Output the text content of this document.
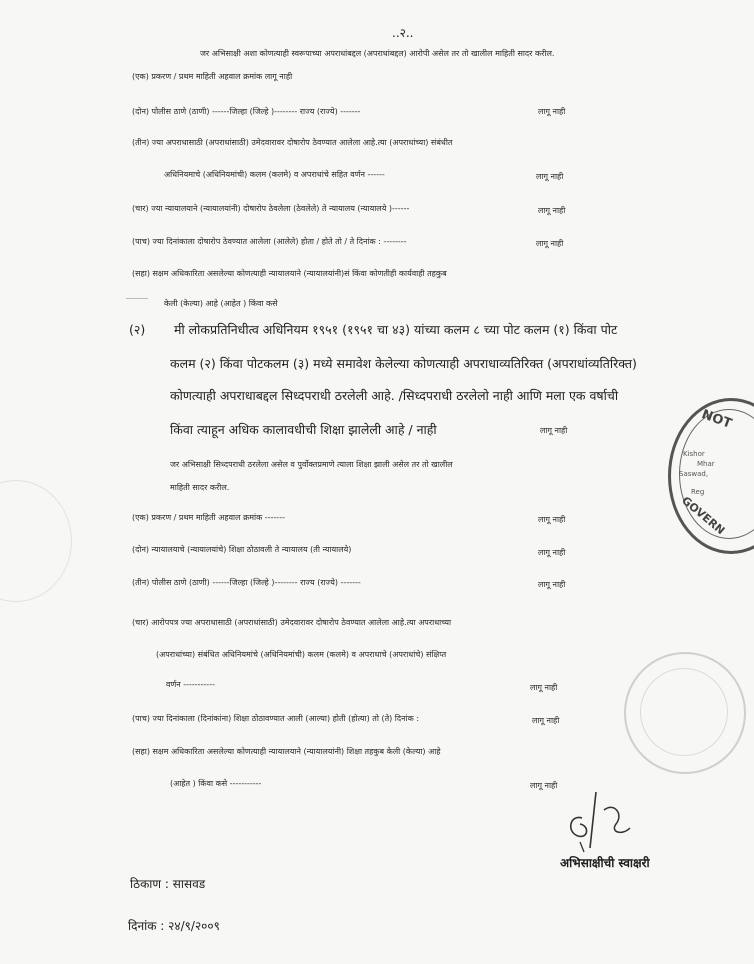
..२..
जर अभिसाक्षी अशा कोणत्याही स्वरूपाच्या अपराधांबद्दल (अपराधांबद्दल) आरोपी असेल तर तो खालील माहिती सादर करील.
(एक) प्रकरण / प्रथम माहिती अहवाल क्रमांक लागू नाही
(दोन) पोलीस ठाणे (ठाणी) ------जिल्हा (जिल्हे )-------- राज्य (राज्ये) -------	लागू नाही
(तीन) ज्या अपराधासाठी (अपराधांसाठी) उमेदवारावर दोषारोप ठेवण्यात आलेला आहे.त्या (अपराधांच्या) संबंधीत
अधिनियमाचे (अधिनियमांची) कलम (कलमे) व अपराधांचे सहित वर्णन ------	लागू नाही
(चार) ज्या न्यायालयाने (न्यायालयांनी) दोषारोप ठेवलेला (ठेवलेले) ते न्यायालय (न्यायालये )------	लागू नाही
(पाच) ज्या दिनांकाला दोषारोप ठेवण्यात आलेला (आलेले) होता / होते तो / ते दिनांक : --------	लागू नाही
(सहा) सक्षम अधिकारिता असलेल्या कोणत्याही न्यायालयाने (न्यायालयांनी)सं किंवा कोणतीही कार्यवाही तहकुब
केली (केल्या) आहे (आहेत ) किंवा कसे
(२) मी लोकप्रतिनिधीत्व अधिनियम १९५१ (१९५१ चा ४३) यांच्या कलम ८ च्या पोट कलम (१) किंवा पोट
कलम (२) किंवा पोटकलम (३) मध्ये समावेश केलेल्या कोणत्याही अपराधाव्यतिरिक्त (अपराधांव्यतिरिक्त)
कोणत्याही अपराधाबद्दल सिध्दपराधी ठरलेली आहे. /सिध्दपराधी ठरलेलो नाही आणि मला एक वर्षाची
किंवा त्याहून अधिक कालावधीची शिक्षा झालेली आहे / नाही	लागू नाही
जर अभिसाक्षी सिध्दपराधी ठरलेला असेल व पुर्वोक्तप्रमाणे त्याला शिक्षा झाली असेल तर तो खालील
माहिती सादर करील.
(एक) प्रकरण / प्रथम माहिती अहवाल क्रमांक -------	लागू नाही
(दोन) न्यायालयाचे (न्यायालयांचे) शिक्षा ठोठावली ते न्यायालय (ती न्यायालये)	लागू नाही
(तीन) पोलीस ठाणे (ठाणी) ------जिल्हा (जिल्हे )-------- राज्य (राज्ये) -------	लागू नाही
(चार) आरोपपत्र ज्या अपराधासाठी (अपराधांसाठी) उमेदवारावर दोषारोप ठेवण्यात आलेला आहे.त्या अपराधाच्या
(अपराधांच्या) संबंधित अधिनियमांचे (अधिनियमांची) कलम (कलमे) व अपराधाचे (अपराधांचे) संक्षिप्त
वर्णन -----------	लागू नाही
(पाच) ज्या दिनांकाला (दिनांकांना) शिक्षा ठोठावण्यात आली (आल्या) होती (होत्या) तो (ते) दिनांक :	लागू नाही
(सहा) सक्षम अधिकारिता असलेल्या कोणत्याही न्यायालयाने (न्यायालयांनी) शिक्षा तहकुब केली (केल्या) आहे
(आहेत ) किंवा कसे -----------	लागू नाही	S/-
अभिसाक्षीची स्वाक्षरी
ठिकाण : सासवड
दिनांक : २४/९/२००९
NOT
Kishor
Mhar
Saswad,
Reg
GOVERN
